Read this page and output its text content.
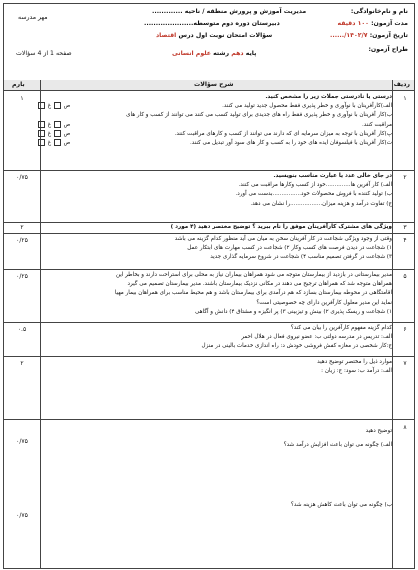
مهر مدرسه
مدیریت آموزش و پرورش منطقه / ناحیه .............
دبیرستان دوره دوم متوسطه.....................
سؤالات امتحان نوبت اول درس اقتصاد
پایه دهم رشته علوم انسانی
صفحه 1 از 4 سؤالات
نام و نام‌خانوادگی:
مدت آزمون: ۱۰۰ دقیقه
تاریخ آزمون: ۱۴۰۲/۷/......
طراح آزمون:
ردیف
شرح سؤالات
بارم
۱
۱	درستی یا نادرستی جملات زیر را مشخص کنید.
الف)کارآفرینان با نوآوری و خطر پذیری فقط محصول جدید تولید می کنند.
ص  غ
ب)کار آفرینان با نوآوری و خطر پذیری فقط راه های جدیدی برای تولید کسب می کنند می توانند از کسب و کار های
مراقبت کنند.
ص  غ
پ)کار آفرینان با توجه به میزان سرمایه ای که دارند می توانند از کسب و کارهای مراقبت کنند.
ص  غ
ت)کار آفرینان با فیلسوفان ایده های خود را به کسب و کار های سود آور تبدیل می کنند.
ص  غ
۲
۰/۷۵	در جای خالی عدد یا عبارت مناسب بنویسید.
الف) کار آفرین ها..............خود از کسب وکارها مراقبت می کنند.
ب) تولید کننده با فروش محصولات خود................بدست می آورد.
ج) تفاوت درآمد و هزینه میزان..................را نشان می دهد.
۳
۲	ویژگی های مشترک کارآفرینان موفق را نام ببرید ؟ توضیح مختصر دهید (۴ مورد )
۴
۰/۲۵	وقتی از وجود ویژگی شجاعت در کار آفرینان سخن به میان می آید منظور کدام گزینه می باشد
۱) شجاعت در دیدن فرصت های کسب وکار ۲) شجاعت در کسب مهارت های ابتکار عمل
۳) شجاعت در گرفتن تصمیم مناسب ۴) شجاعت در شروع سرمایه گذاری جدید
۵
۰/۲۵	مدیر بیمارستانی در بازدید از بیمارستان متوجه می شود همراهان بیماران نیاز به محلی برای استراحت دارند و بخاطر این
همراهان متوجه شد که همراهان ترجیح می دهند در مکانی نزدیک بیمارستان باشند. مدیر بیمارستان تصمیم می گیرد
اقامتگاهی در محوطه بیمارستان بسازد که هم درآمدی برای بیمارستان باشد و هم محیط مناسب برای همراهان بیمار مهیا
نماید این مدیر معلول کارآفرین دارای چه خصوصیتی است؟
۱) شجاعت و ریسک پذیری ۲) بینش و تیزبینی ۳) پر انگیزه و مشتاق ۴) دانش و آگاهی
۶
۰.۵	کدام گزینه مفهوم کارآفرین را بیان می کند؟
الف: تدریس در مدرسه دولتی ب: عضو نیروی فعال در هلال احمر
ج:کار شخصی در مغازه کفش فروشی خودش د: راه اندازی خدمات بالینی در منزل
۷
۲	موارد ذیل را مختصر توضیح دهید
الف: درآمد ب: سود: ج: زیان :
۸
۰/۷۵
۰/۷۵
توضیح دهید
الف) چگونه می توان باعث افزایش درآمد شد؟
ب) چگونه می توان باعث کاهش هزینه شد؟
